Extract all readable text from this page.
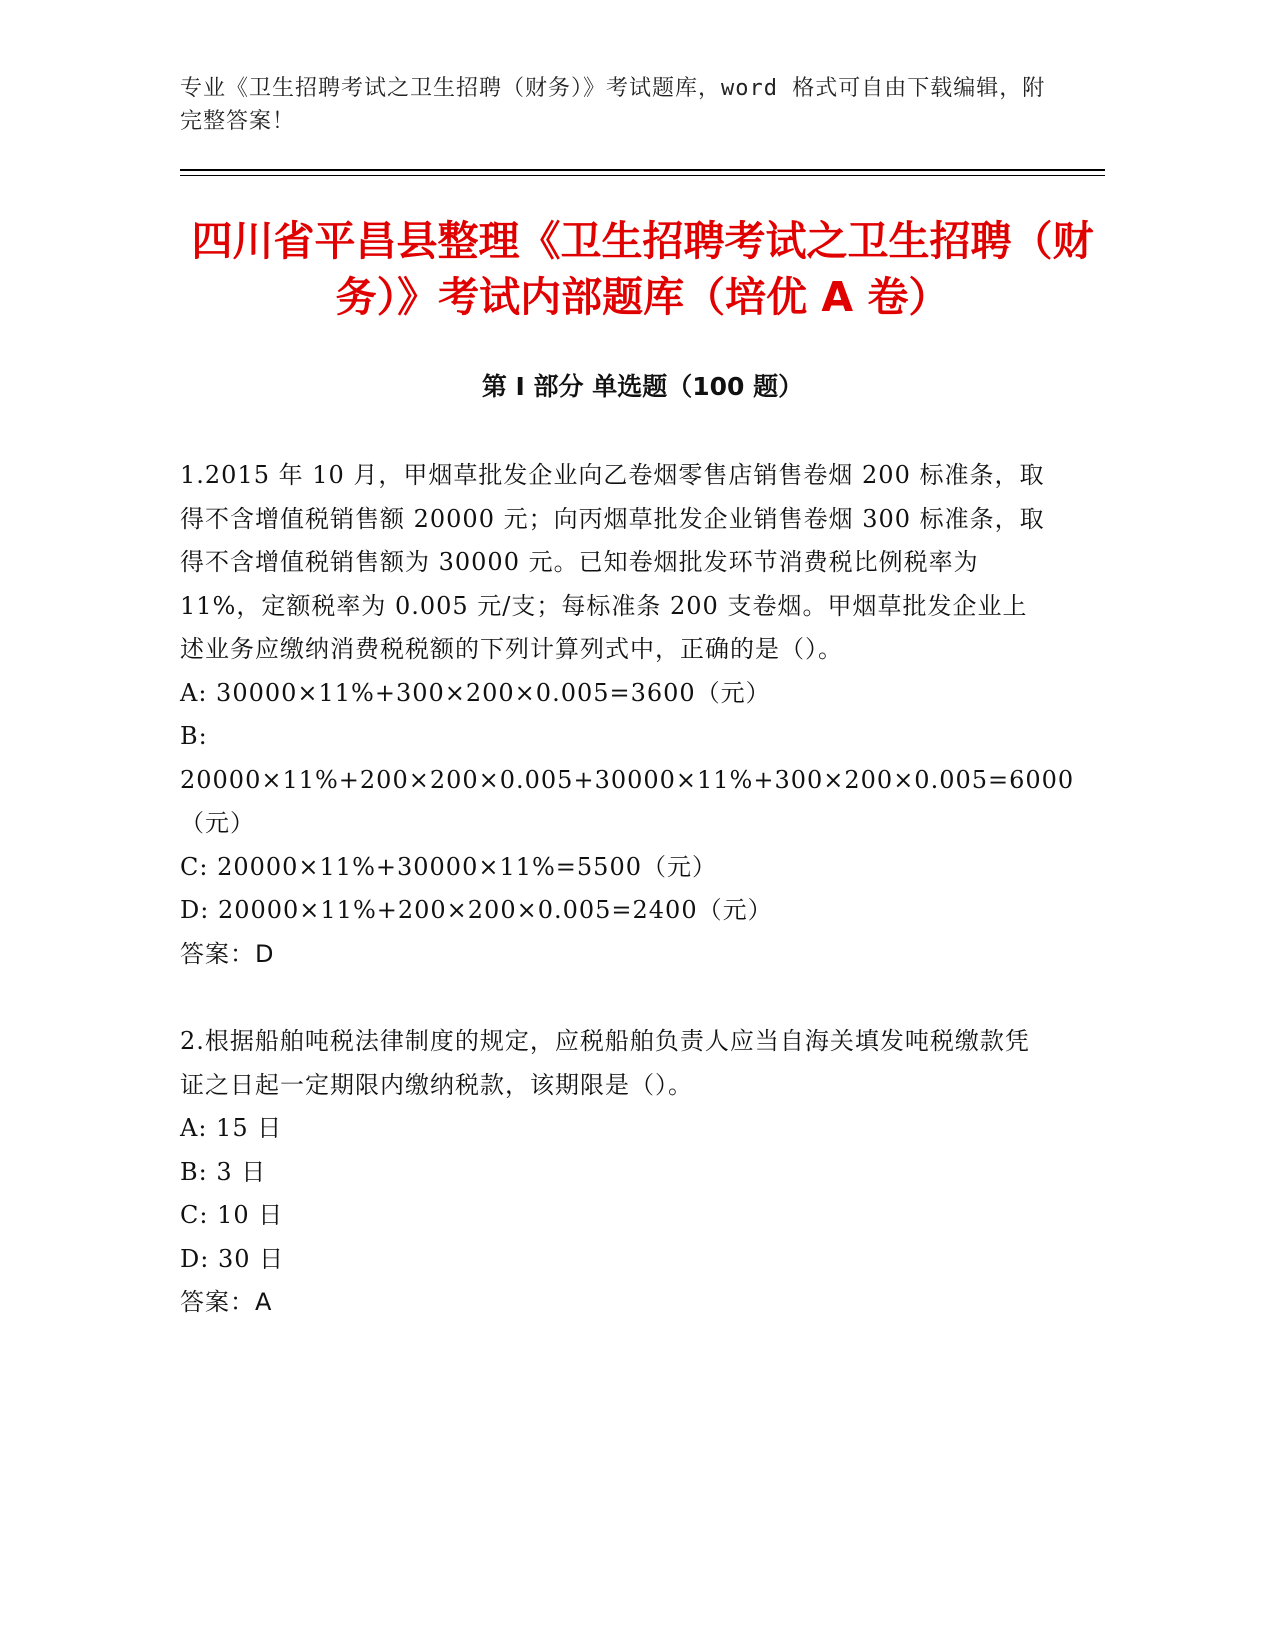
专业《卫生招聘考试之卫生招聘（财务）》考试题库，word 格式可自由下载编辑，附完整答案！
四川省平昌县整理《卫生招聘考试之卫生招聘（财务）》考试内部题库（培优 A 卷）
第 I 部分 单选题（100 题）

1.2015 年 10 月，甲烟草批发企业向乙卷烟零售店销售卷烟 200 标准条，取得不含增值税销售额 20000 元；向丙烟草批发企业销售卷烟 300 标准条，取得不含增值税销售额为 30000 元。已知卷烟批发环节消费税比例税率为 11%，定额税率为 0.005 元/支；每标准条 200 支卷烟。甲烟草批发企业上述业务应缴纳消费税税额的下列计算列式中，正确的是（）。

A: 30000×11%+300×200×0.005=3600（元）

B: 20000×11%+200×200×0.005+30000×11%+300×200×0.005=6000（元）

C: 20000×11%+30000×11%=5500（元）

D: 20000×11%+200×200×0.005=2400（元）

答案：D

2.根据船舶吨税法律制度的规定，应税船舶负责人应当自海关填发吨税缴款凭证之日起一定期限内缴纳税款，该期限是（）。

A: 15 日

B: 3 日

C: 10 日

D: 30 日

答案：A
